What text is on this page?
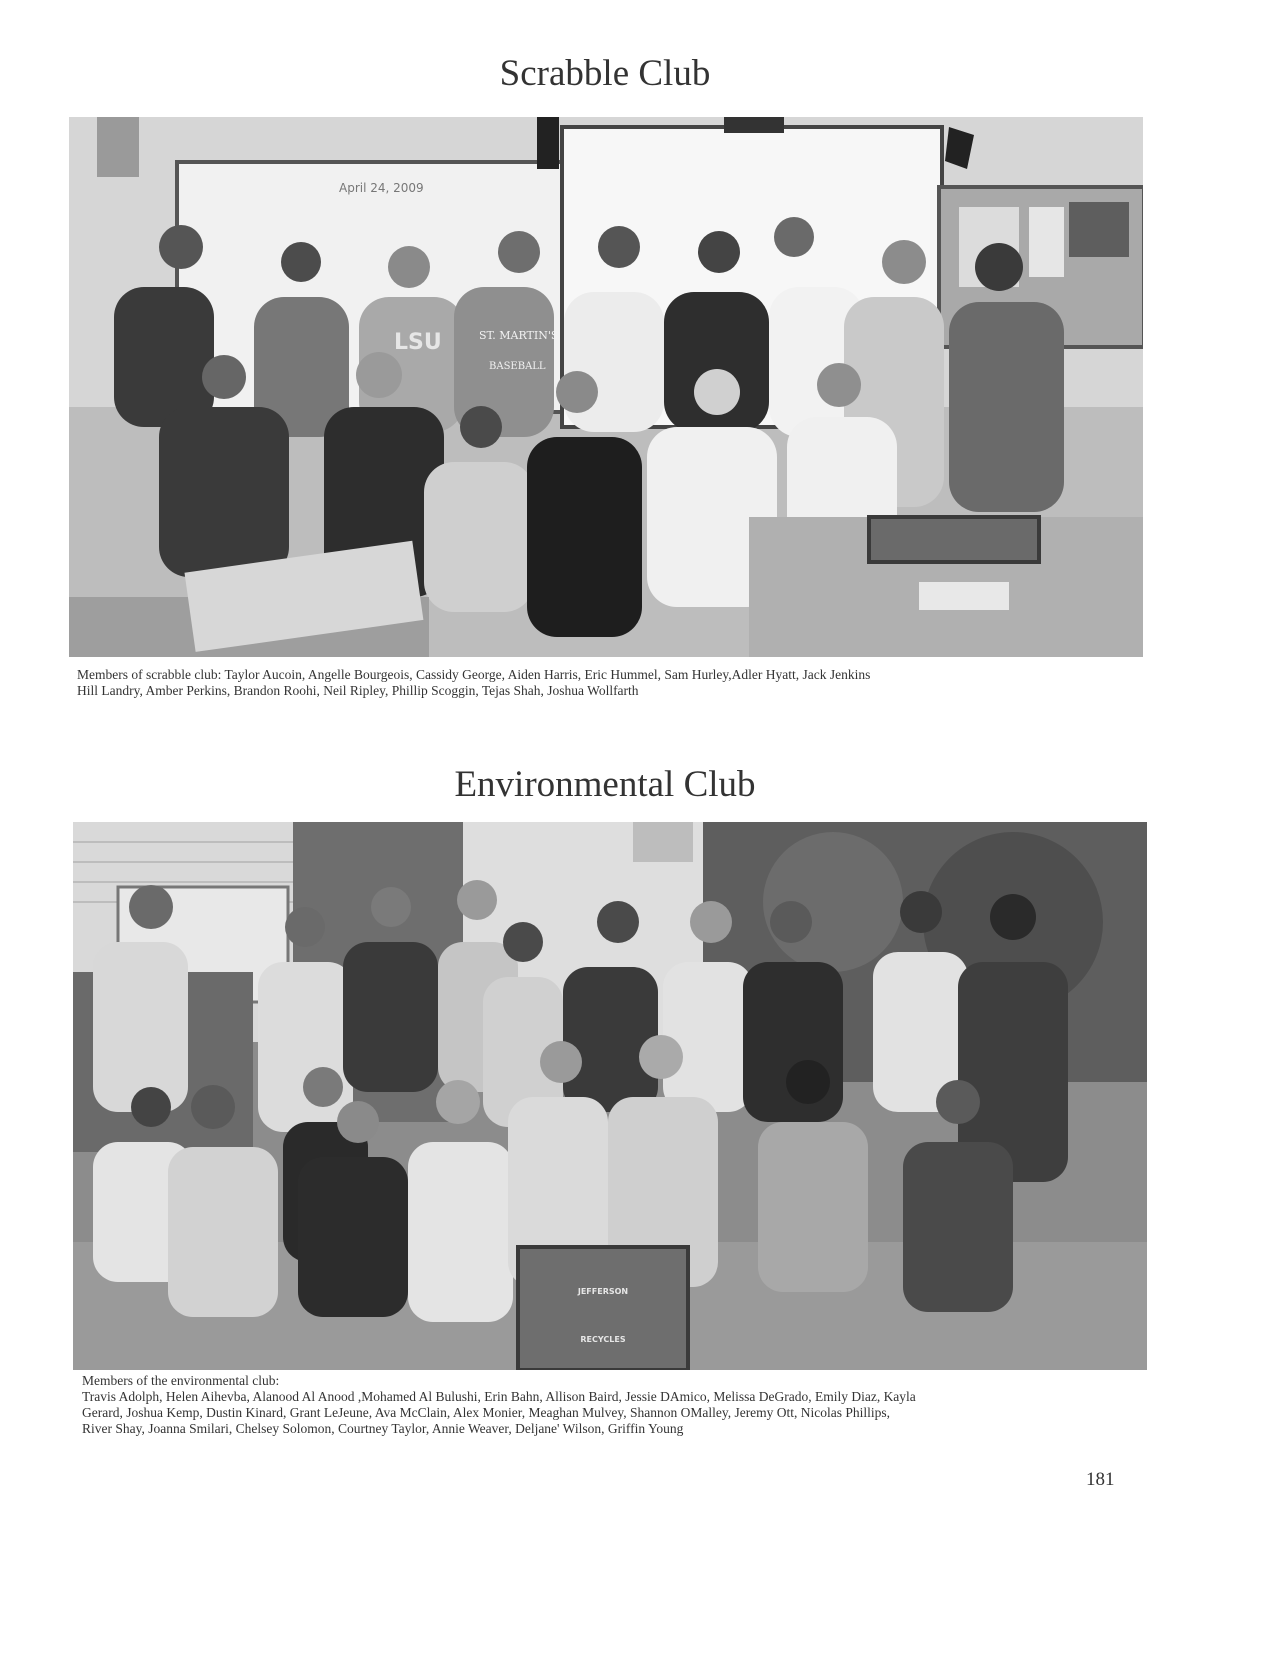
Scrabble Club
April 24, 2009
ST. MARTIN'S
BASEBALL
LSU

Members of scrabble club: Taylor Aucoin, Angelle Bourgeois, Cassidy George, Aiden Harris, Eric Hummel, Sam Hurley,Adler Hyatt, Jack Jenkins
Hill Landry, Amber Perkins, Brandon Roohi, Neil Ripley, Phillip Scoggin, Tejas Shah, Joshua Wollfarth

Environmental Club
JEFFERSON
RECYCLES

Members of the environmental club:
Travis Adolph, Helen Aihevba, Alanood Al Anood ,Mohamed Al Bulushi, Erin Bahn, Allison Baird, Jessie DAmico, Melissa DeGrado, Emily Diaz, Kayla
Gerard, Joshua Kemp, Dustin Kinard, Grant LeJeune, Ava McClain, Alex Monier, Meaghan Mulvey, Shannon OMalley, Jeremy Ott, Nicolas Phillips,
River Shay, Joanna Smilari, Chelsey Solomon, Courtney Taylor, Annie Weaver, Deljane' Wilson, Griffin Young

181
